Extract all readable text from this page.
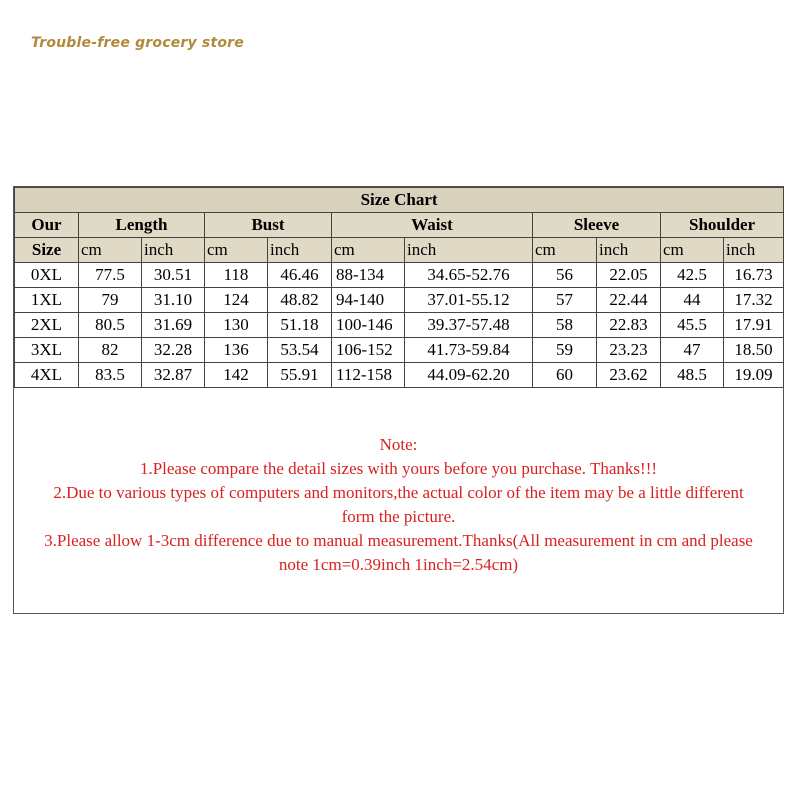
Trouble-free grocery store
Size Chart										
Our	Length		Bust		Waist		Sleeve		Shoulder	
Size	cm	inch	cm	inch	cm	inch	cm	inch	cm	inch
0XL	77.5	30.51	118	46.46	88-134	34.65-52.76	56	22.05	42.5	16.73
1XL	79	31.10	124	48.82	94-140	37.01-55.12	57	22.44	44	17.32
2XL	80.5	31.69	130	51.18	100-146	39.37-57.48	58	22.83	45.5	17.91
3XL	82	32.28	136	53.54	106-152	41.73-59.84	59	23.23	47	18.50
4XL	83.5	32.87	142	55.91	112-158	44.09-62.20	60	23.62	48.5	19.09
Note:
1.Please compare the detail sizes with yours before you purchase. Thanks!!!
2.Due to various types of computers and monitors,the actual color of the item may be a little different
form the picture.
3.Please allow 1-3cm difference due to manual measurement.Thanks(All measurement in cm and please
note 1cm=0.39inch 1inch=2.54cm)
